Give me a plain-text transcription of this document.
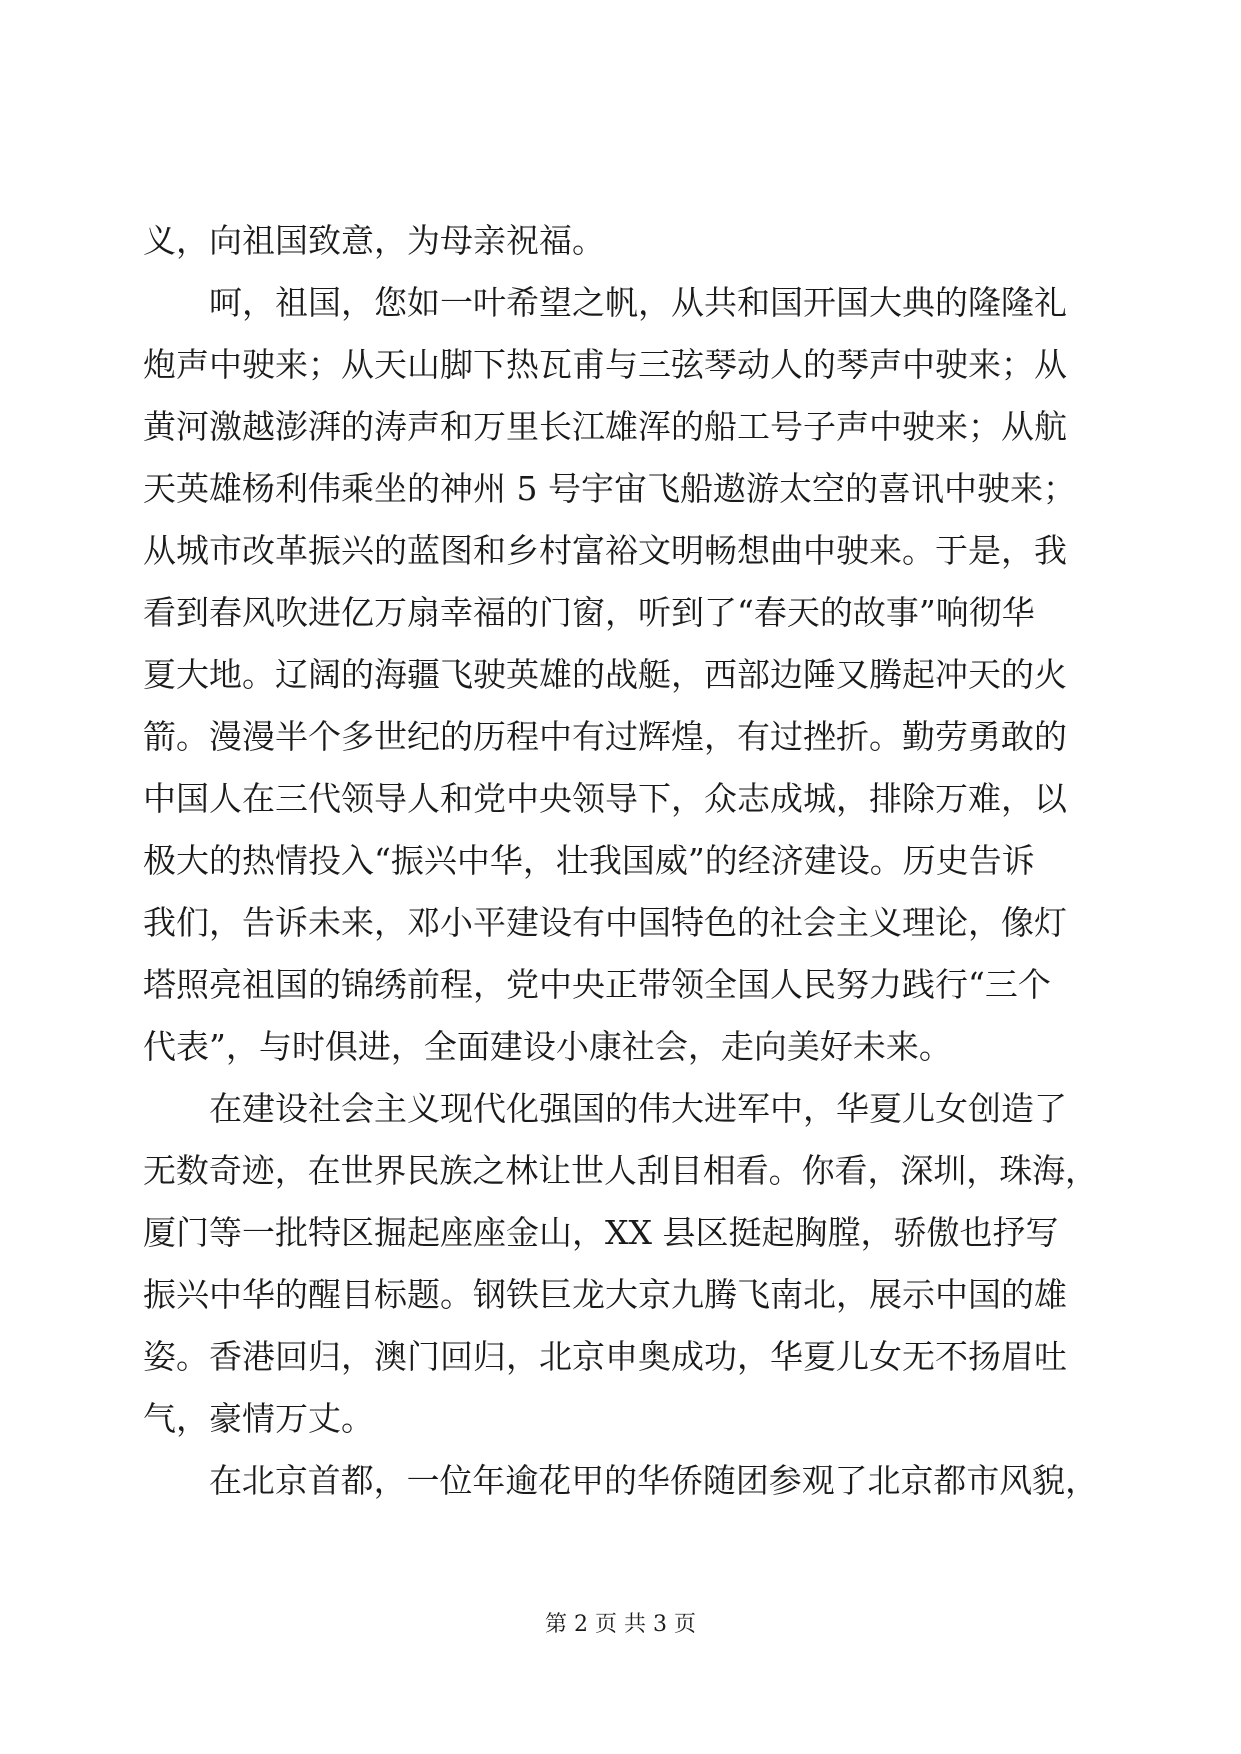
义，向祖国致意，为母亲祝福。
呵，祖国，您如一叶希望之帆，从共和国开国大典的隆隆礼
炮声中驶来；从天山脚下热瓦甫与三弦琴动人的琴声中驶来；从
黄河激越澎湃的涛声和万里长江雄浑的船工号子声中驶来；从航
天英雄杨利伟乘坐的神州 5 号宇宙飞船遨游太空的喜讯中驶来；
从城市改革振兴的蓝图和乡村富裕文明畅想曲中驶来。于是，我
看到春风吹进亿万扇幸福的门窗，听到了“春天的故事”响彻华
夏大地。辽阔的海疆飞驶英雄的战艇，西部边陲又腾起冲天的火
箭。漫漫半个多世纪的历程中有过辉煌，有过挫折。勤劳勇敢的
中国人在三代领导人和党中央领导下，众志成城，排除万难，以
极大的热情投入“振兴中华，壮我国威”的经济建设。历史告诉
我们，告诉未来，邓小平建设有中国特色的社会主义理论，像灯
塔照亮祖国的锦绣前程，党中央正带领全国人民努力践行“三个
代表”，与时俱进，全面建设小康社会，走向美好未来。
在建设社会主义现代化强国的伟大进军中，华夏儿女创造了
无数奇迹，在世界民族之林让世人刮目相看。你看，深圳，珠海，
厦门等一批特区掘起座座金山，XX 县区挺起胸膛，骄傲也抒写
振兴中华的醒目标题。钢铁巨龙大京九腾飞南北，展示中国的雄
姿。香港回归，澳门回归，北京申奥成功，华夏儿女无不扬眉吐
气，豪情万丈。
在北京首都，一位年逾花甲的华侨随团参观了北京都市风貌，
第 2 页 共 3 页
